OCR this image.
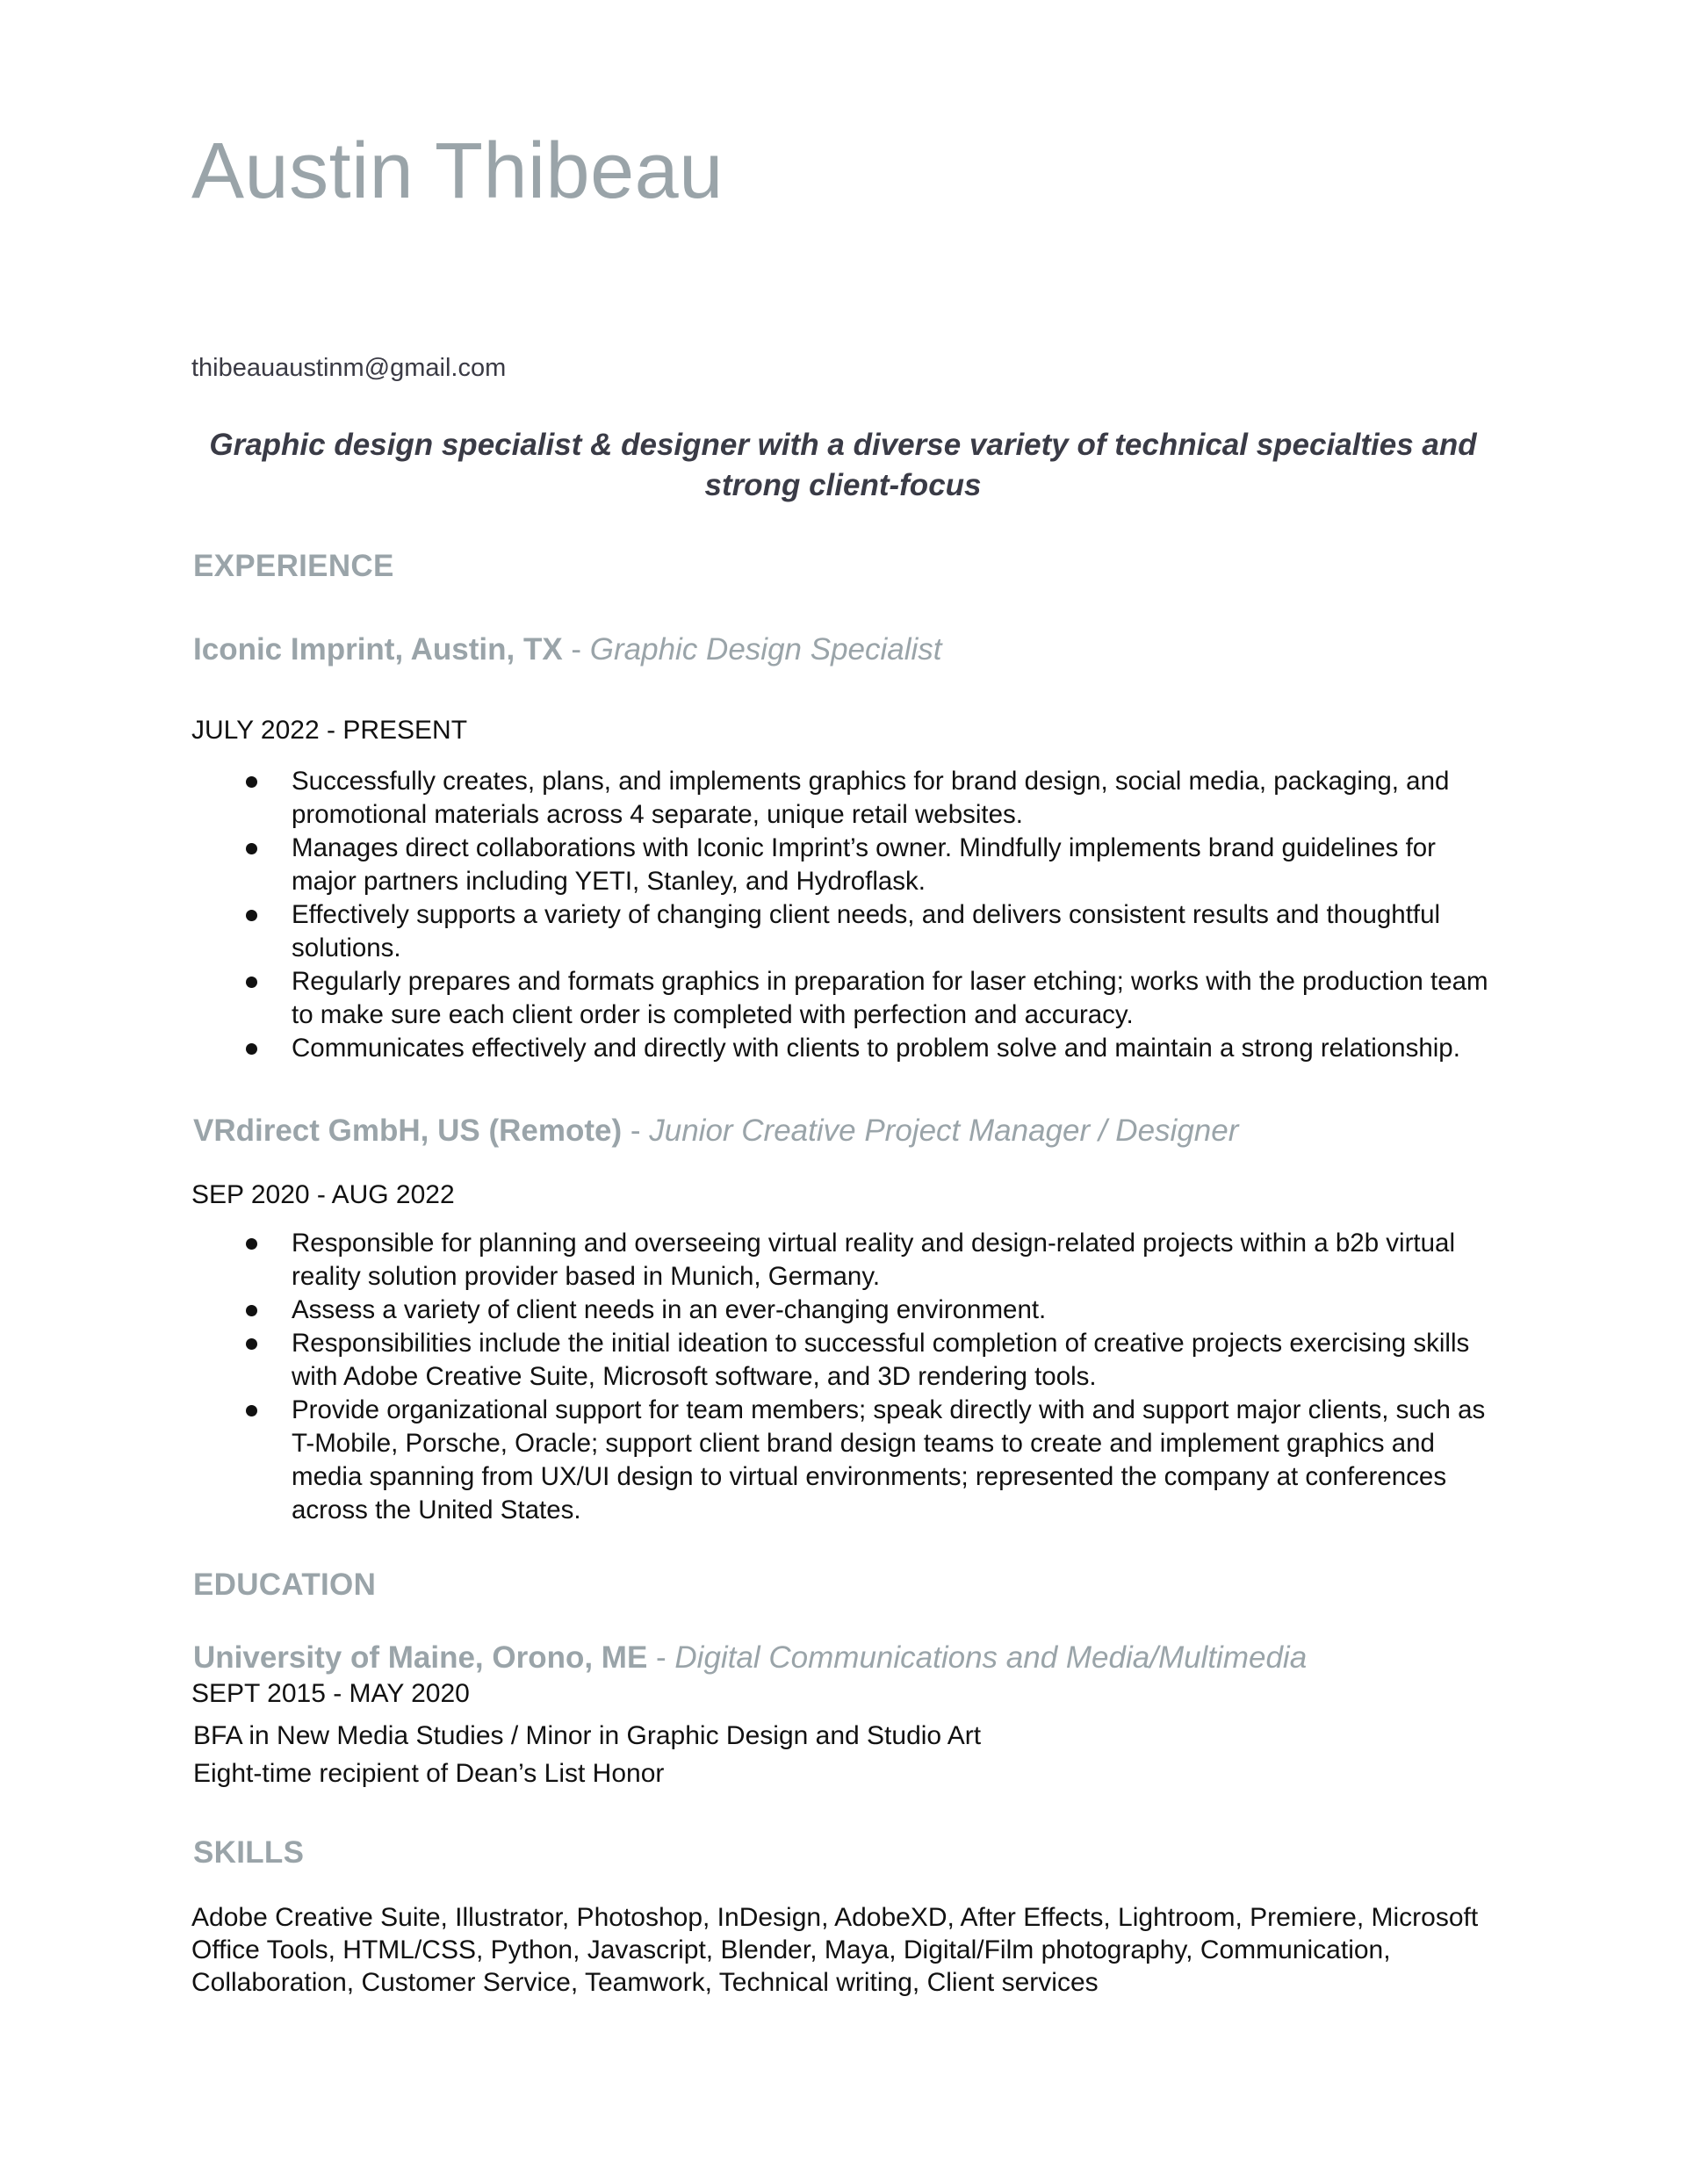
Austin Thibeau
thibeauaustinm@gmail.com
Graphic design specialist & designer with a diverse variety of technical specialties and strong client-focus
EXPERIENCE
Iconic Imprint, Austin, TX - Graphic Design Specialist
JULY 2022 - PRESENT
Successfully creates, plans, and implements graphics for brand design, social media, packaging, and promotional materials across 4 separate, unique retail websites.
Manages direct collaborations with Iconic Imprint’s owner. Mindfully implements brand guidelines for major partners including YETI, Stanley, and Hydroflask.
Effectively supports a variety of changing client needs, and delivers consistent results and thoughtful solutions.
Regularly prepares and formats graphics in preparation for laser etching; works with the production team to make sure each client order is completed with perfection and accuracy.
Communicates effectively and directly with clients to problem solve and maintain a strong relationship.
VRdirect GmbH, US (Remote) - Junior Creative Project Manager / Designer
SEP 2020 - AUG 2022
Responsible for planning and overseeing virtual reality and design-related projects within a b2b virtual reality solution provider based in Munich, Germany.
Assess a variety of client needs in an ever-changing environment.
Responsibilities include the initial ideation to successful completion of creative projects exercising skills with Adobe Creative Suite, Microsoft software, and 3D rendering tools.
Provide organizational support for team members; speak directly with and support major clients, such as T-Mobile, Porsche, Oracle; support client brand design teams to create and implement graphics and media spanning from UX/UI design to virtual environments; represented the company at conferences across the United States.
EDUCATION
University of Maine, Orono, ME - Digital Communications and Media/Multimedia
SEPT 2015 - MAY 2020
BFA in New Media Studies / Minor in Graphic Design and Studio Art
Eight-time recipient of Dean’s List Honor
SKILLS
Adobe Creative Suite, Illustrator, Photoshop, InDesign, AdobeXD, After Effects, Lightroom, Premiere, Microsoft Office Tools, HTML/CSS, Python, Javascript, Blender, Maya, Digital/Film photography, Communication, Collaboration, Customer Service, Teamwork, Technical writing, Client services
